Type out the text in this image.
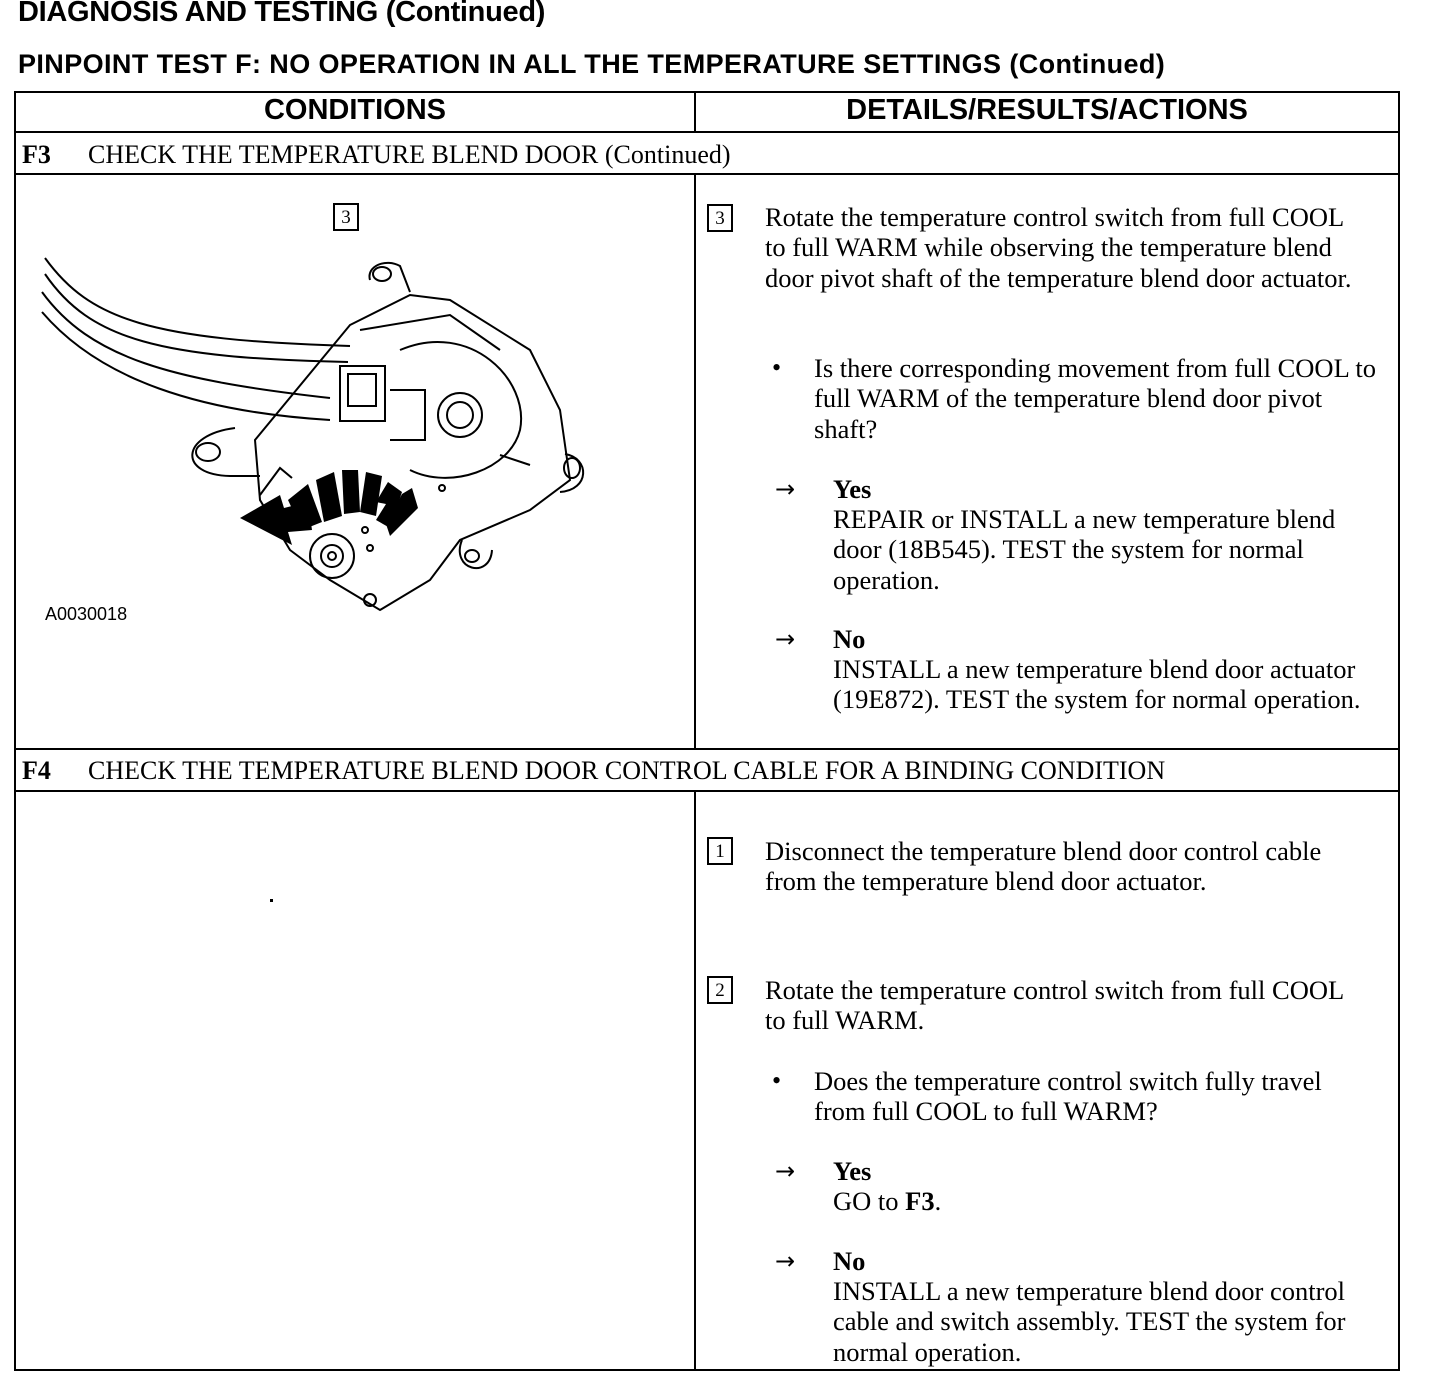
DIAGNOSIS AND TESTING (Continued)
PINPOINT TEST F: NO OPERATION IN ALL THE TEMPERATURE SETTINGS (Continued)
CONDITIONS	DETAILS/RESULTS/ACTIONS
F3 CHECK THE TEMPERATURE BLEND DOOR (Continued)
3
A0030018
3	Rotate the temperature control switch from full COOL to full WARM while observing the temperature blend door pivot shaft of the temperature blend door actuator.
• Is there corresponding movement from full COOL to full WARM of the temperature blend door pivot shaft?
→ Yes
REPAIR or INSTALL a new temperature blend door (18B545). TEST the system for normal operation.
→ No
INSTALL a new temperature blend door actuator (19E872). TEST the system for normal operation.
F4 CHECK THE TEMPERATURE BLEND DOOR CONTROL CABLE FOR A BINDING CONDITION
1	Disconnect the temperature blend door control cable from the temperature blend door actuator.
2	Rotate the temperature control switch from full COOL to full WARM.
• Does the temperature control switch fully travel from full COOL to full WARM?
→ Yes
GO to F3.
→ No
INSTALL a new temperature blend door control cable and switch assembly. TEST the system for normal operation.
